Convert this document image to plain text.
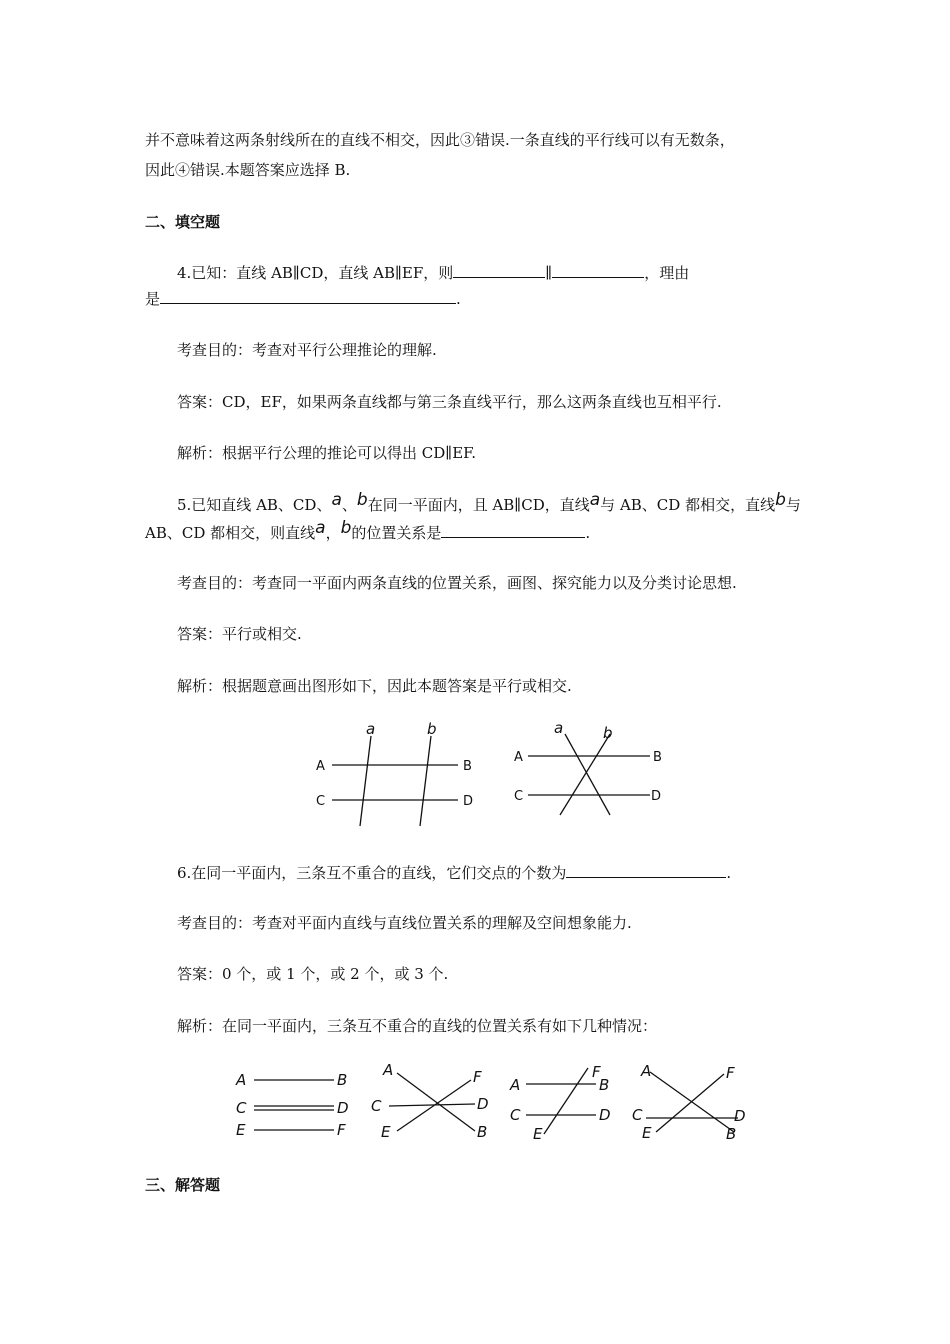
并不意味着这两条射线所在的直线不相交，因此③错误.一条直线的平行线可以有无数条，
因此④错误.本题答案应选择 B.
二、填空题
4.已知：直线 AB∥CD，直线 AB∥EF，则	∥	，理由
是	.
考查目的：考查对平行公理推论的理解.
答案：CD，EF，如果两条直线都与第三条直线平行，那么这两条直线也互相平行.
解析：根据平行公理的推论可以得出 CD∥EF.
5.已知直线 AB、CD、a、b在同一平面内，且 AB∥CD，直线a与 AB、CD 都相交，直线b与
AB、CD 都相交，则直线a，b的位置关系是	.
考查目的：考查同一平面内两条直线的位置关系，画图、探究能力以及分类讨论思想.
答案：平行或相交.
解析：根据题意画出图形如下，因此本题答案是平行或相交.
a	b
A	B
C	D
a	b
A	B
C	D
6.在同一平面内，三条互不重合的直线，它们交点的个数为	.
考查目的：考查对平面内直线与直线位置关系的理解及空间想象能力.
答案：0 个，或 1 个，或 2 个，或 3 个.
解析：在同一平面内，三条互不重合的直线的位置关系有如下几种情况：
A	B
C	D
E	F
A	F
C	D
E	B
A
F
B
C	D
E
A	F
C	D
E	B
三、解答题
